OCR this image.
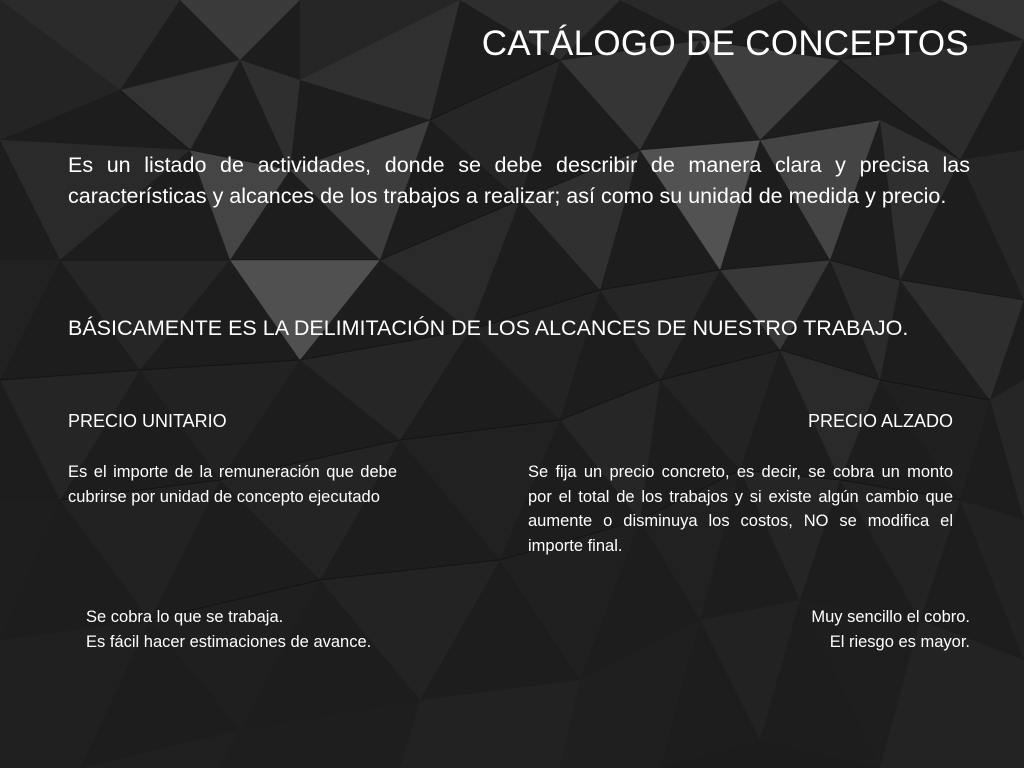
CATÁLOGO DE CONCEPTOS
Es un listado de actividades, donde se debe describir de manera clara y precisa las características y alcances de los trabajos a realizar; así como su unidad de medida y precio.
BÁSICAMENTE ES LA DELIMITACIÓN DE LOS ALCANCES DE NUESTRO TRABAJO.
PRECIO UNITARIO	PRECIO ALZADO
Es el importe de la remuneración que debe cubrirse por unidad de concepto ejecutado
Se fija un precio concreto, es decir, se cobra un monto por el total de los trabajos y si existe algún cambio que aumente o disminuya los costos, NO se modifica el importe final.
Se cobra lo que se trabaja.
Es fácil hacer estimaciones de avance.
Muy sencillo el cobro.
El riesgo es mayor.
